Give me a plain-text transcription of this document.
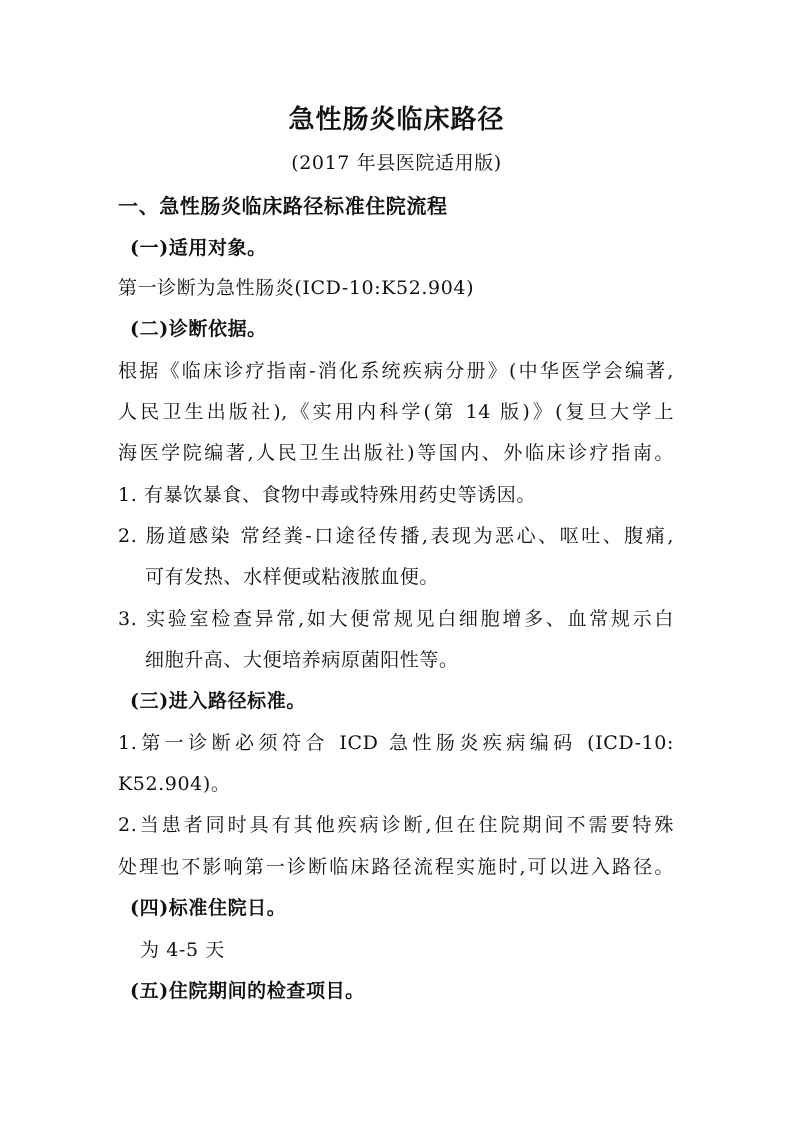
急性肠炎临床路径
(2017 年县医院适用版)
一、急性肠炎临床路径标准住院流程
(一)适用对象。
第一诊断为急性肠炎(ICD-10:K52.904)
(二)诊断依据。
根据《临床诊疗指南-消化系统疾病分册》(中华医学会编著,
人民卫生出版社),《实用内科学(第 14 版)》(复旦大学上
海医学院编著,人民卫生出版社)等国内、外临床诊疗指南。
1. 有暴饮暴食、食物中毒或特殊用药史等诱因。
2. 肠道感染 常经粪-口途径传播,表现为恶心、呕吐、腹痛,
可有发热、水样便或粘液脓血便。
3. 实验室检查异常,如大便常规见白细胞增多、血常规示白
细胞升高、大便培养病原菌阳性等。
(三)进入路径标准。
1.第一诊断必须符合 ICD 急性肠炎疾病编码 (ICD-10:
K52.904)。
2.当患者同时具有其他疾病诊断,但在住院期间不需要特殊
处理也不影响第一诊断临床路径流程实施时,可以进入路径。
(四)标准住院日。
为 4-5 天
(五)住院期间的检查项目。
